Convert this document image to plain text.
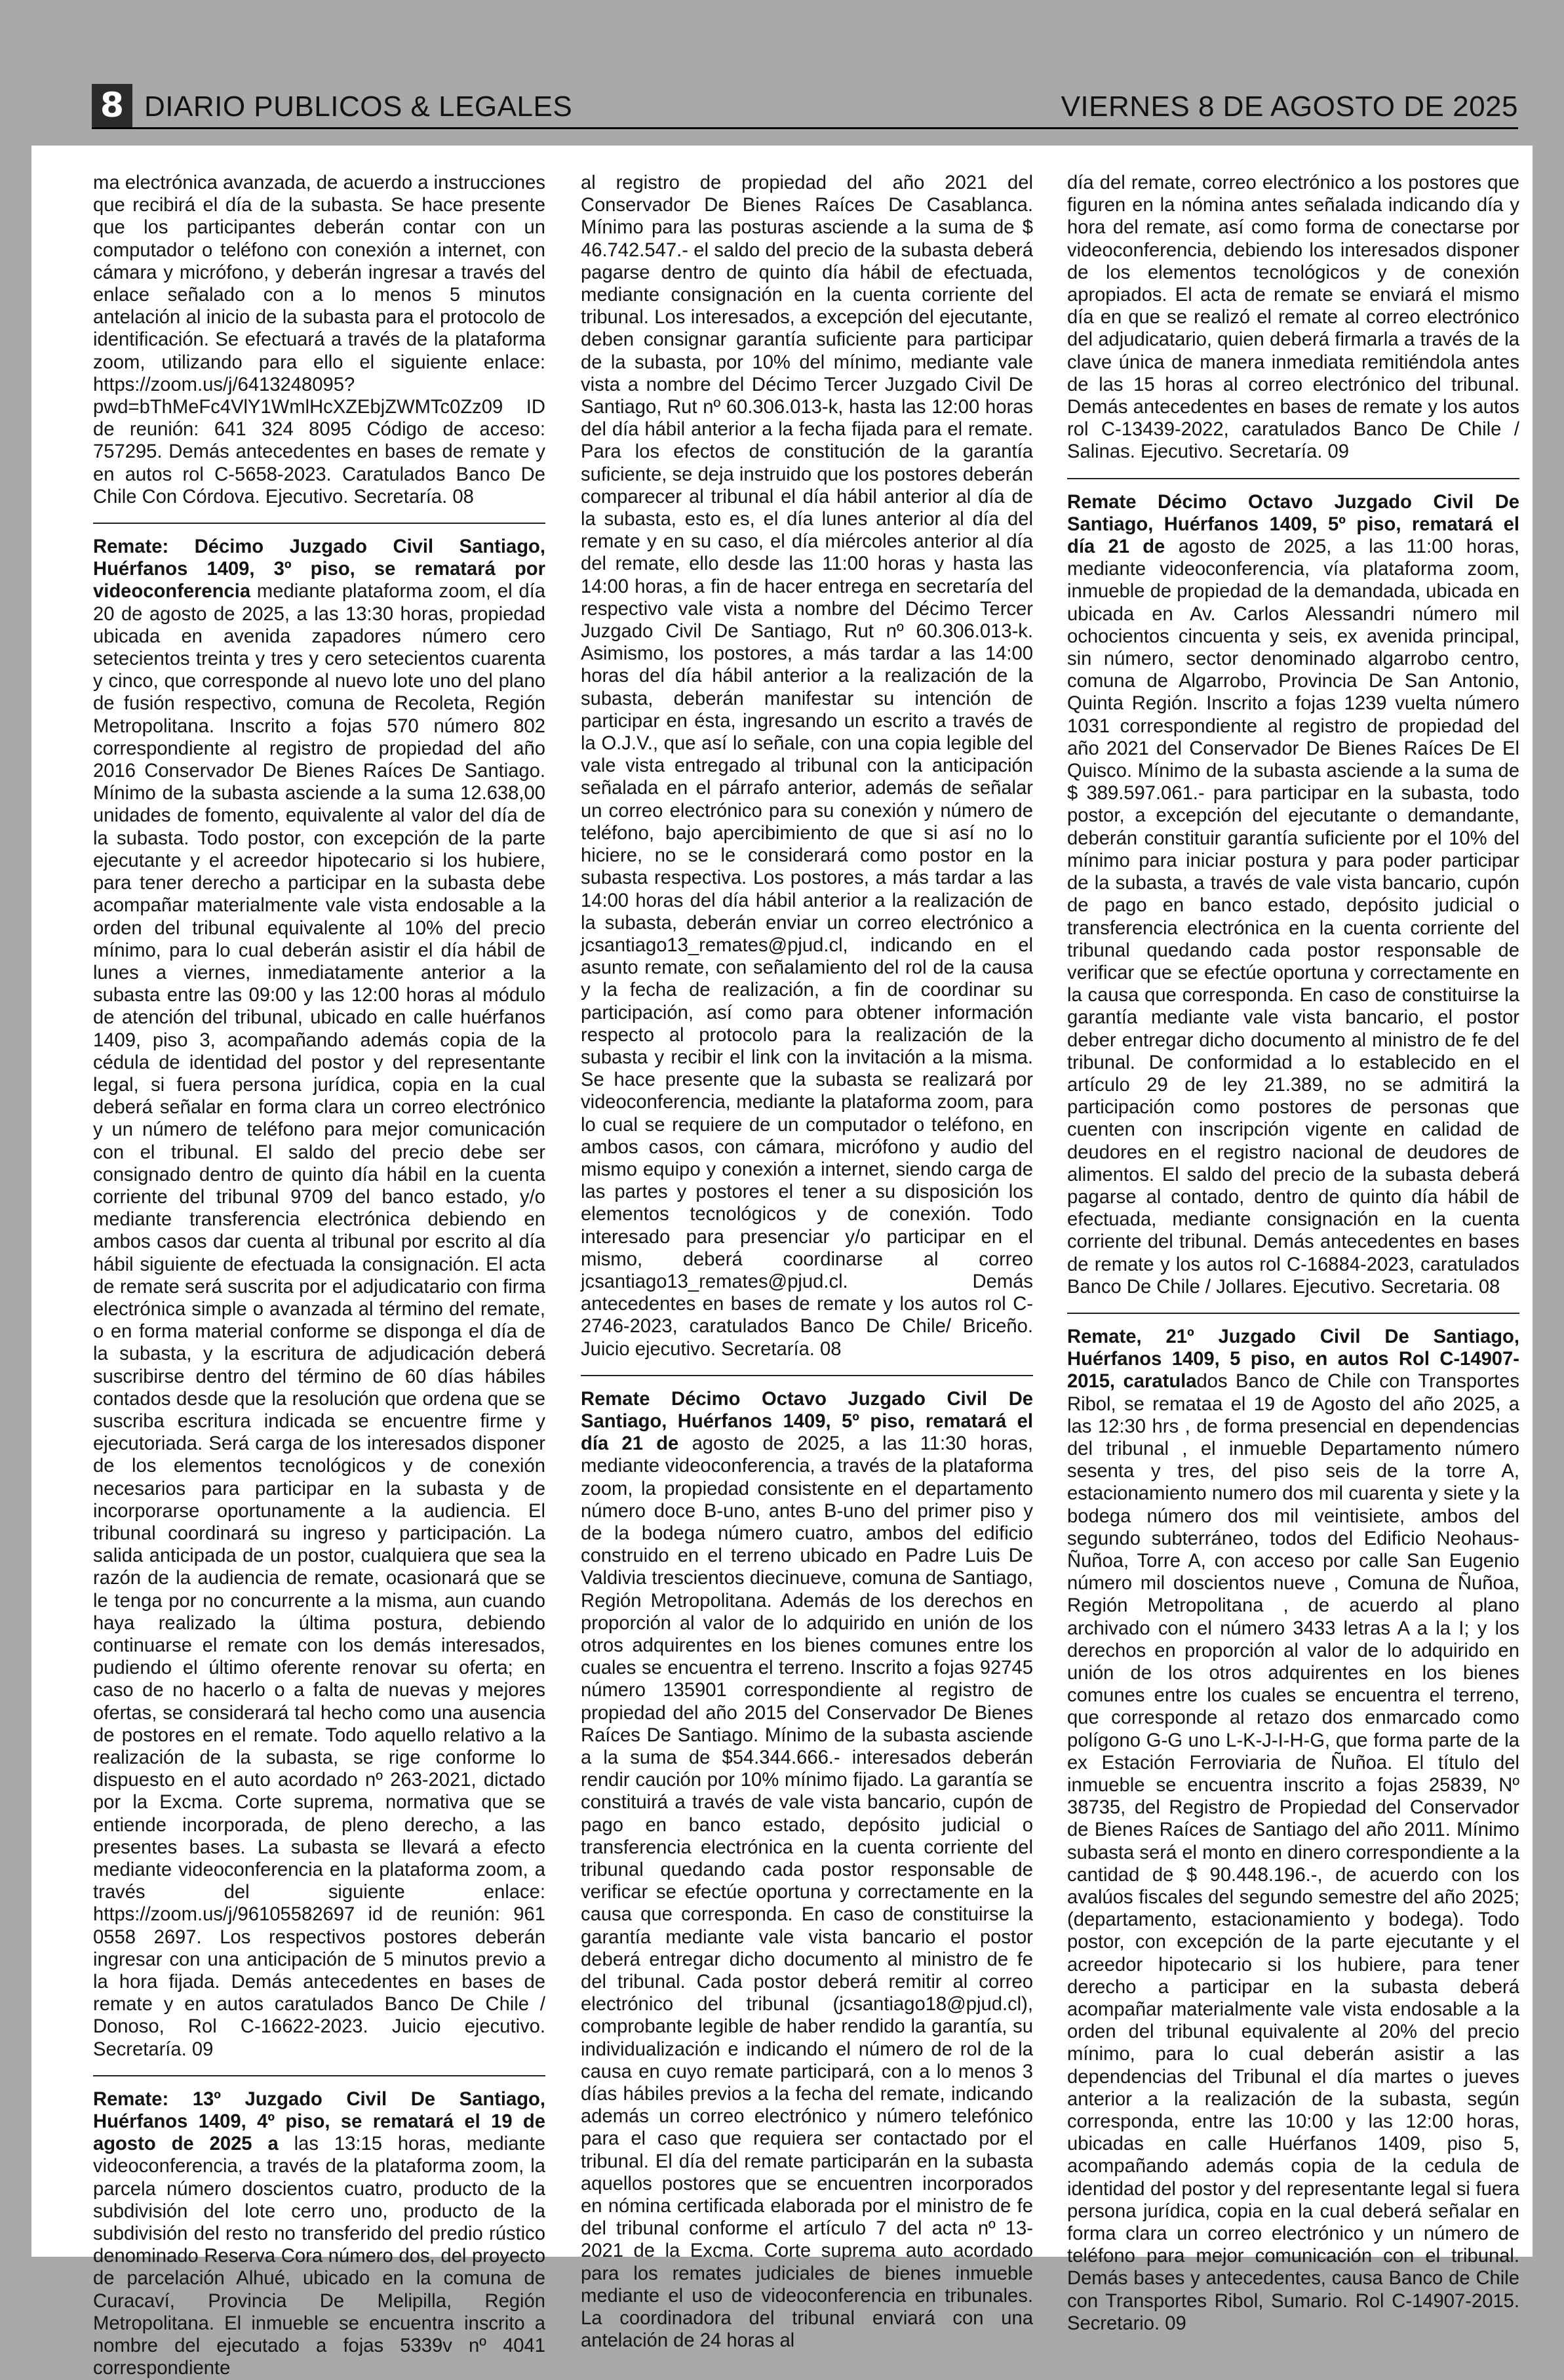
8 DIARIO PUBLICOS & LEGALES	VIERNES 8 DE AGOSTO DE 2025

ma electrónica avanzada, de acuerdo a instrucciones que recibirá el día de la subasta. Se hace presente que los participantes deberán contar con un computador o teléfono con conexión a internet, con cámara y micrófono, y deberán ingresar a través del enlace señalado con a lo menos 5 minutos antelación al inicio de la subasta para el protocolo de identificación. Se efectuará a través de la plataforma zoom, utilizando para ello el siguiente enlace: https://zoom.us/j/6413248095?pwd=bThMeFc4VlY1WmlHcXZEbjZWMTc0Zz09 ID de reunión: 641 324 8095 Código de acceso: 757295. Demás antecedentes en bases de remate y en autos rol C-5658-2023. Caratulados Banco De Chile Con Córdova. Ejecutivo. Secretaría. 08

Remate: Décimo Juzgado Civil Santiago, Huérfanos 1409, 3º piso, se rematará por videoconferencia mediante plataforma zoom, el día 20 de agosto de 2025, a las 13:30 horas, propiedad ubicada en avenida zapadores número cero setecientos treinta y tres y cero setecientos cuarenta y cinco, que corresponde al nuevo lote uno del plano de fusión respectivo, comuna de Recoleta, Región Metropolitana. Inscrito a fojas 570 número 802 correspondiente al registro de propiedad del año 2016 Conservador De Bienes Raíces De Santiago. Mínimo de la subasta asciende a la suma 12.638,00 unidades de fomento, equivalente al valor del día de la subasta. Todo postor, con excepción de la parte ejecutante y el acreedor hipotecario si los hubiere, para tener derecho a participar en la subasta debe acompañar materialmente vale vista endosable a la orden del tribunal equivalente al 10% del precio mínimo, para lo cual deberán asistir el día hábil de lunes a viernes, inmediatamente anterior a la subasta entre las 09:00 y las 12:00 horas al módulo de atención del tribunal, ubicado en calle huérfanos 1409, piso 3, acompañando además copia de la cédula de identidad del postor y del representante legal, si fuera persona jurídica, copia en la cual deberá señalar en forma clara un correo electrónico y un número de teléfono para mejor comunicación con el tribunal. El saldo del precio debe ser consignado dentro de quinto día hábil en la cuenta corriente del tribunal 9709 del banco estado, y/o mediante transferencia electrónica debiendo en ambos casos dar cuenta al tribunal por escrito al día hábil siguiente de efectuada la consignación. El acta de remate será suscrita por el adjudicatario con firma electrónica simple o avanzada al término del remate, o en forma material conforme se disponga el día de la subasta, y la escritura de adjudicación deberá suscribirse dentro del término de 60 días hábiles contados desde que la resolución que ordena que se suscriba escritura indicada se encuentre firme y ejecutoriada. Será carga de los interesados disponer de los elementos tecnológicos y de conexión necesarios para participar en la subasta y de incorporarse oportunamente a la audiencia. El tribunal coordinará su ingreso y participación. La salida anticipada de un postor, cualquiera que sea la razón de la audiencia de remate, ocasionará que se le tenga por no concurrente a la misma, aun cuando haya realizado la última postura, debiendo continuarse el remate con los demás interesados, pudiendo el último oferente renovar su oferta; en caso de no hacerlo o a falta de nuevas y mejores ofertas, se considerará tal hecho como una ausencia de postores en el remate. Todo aquello relativo a la realización de la subasta, se rige conforme lo dispuesto en el auto acordado nº 263-2021, dictado por la Excma. Corte suprema, normativa que se entiende incorporada, de pleno derecho, a las presentes bases. La subasta se llevará a efecto mediante videoconferencia en la plataforma zoom, a través del siguiente enlace: https://zoom.us/j/96105582697 id de reunión: 961 0558 2697. Los respectivos postores deberán ingresar con una anticipación de 5 minutos previo a la hora fijada. Demás antecedentes en bases de remate y en autos caratulados Banco De Chile / Donoso, Rol C-16622-2023. Juicio ejecutivo. Secretaría. 09

Remate: 13º Juzgado Civil De Santiago, Huérfanos 1409, 4º piso, se rematará el 19 de agosto de 2025 a las 13:15 horas, mediante videoconferencia, a través de la plataforma zoom, la parcela número doscientos cuatro, producto de la subdivisión del lote cerro uno, producto de la subdivisión del resto no transferido del predio rústico denominado Reserva Cora número dos, del proyecto de parcelación Alhué, ubicado en la comuna de Curacaví, Provincia De Melipilla, Región Metropolitana. El inmueble se encuentra inscrito a nombre del ejecutado a fojas 5339v nº 4041 correspondiente

al registro de propiedad del año 2021 del Conservador De Bienes Raíces De Casablanca. Mínimo para las posturas asciende a la suma de $ 46.742.547.- el saldo del precio de la subasta deberá pagarse dentro de quinto día hábil de efectuada, mediante consignación en la cuenta corriente del tribunal. Los interesados, a excepción del ejecutante, deben consignar garantía suficiente para participar de la subasta, por 10% del mínimo, mediante vale vista a nombre del Décimo Tercer Juzgado Civil De Santiago, Rut nº 60.306.013-k, hasta las 12:00 horas del día hábil anterior a la fecha fijada para el remate. Para los efectos de constitución de la garantía suficiente, se deja instruido que los postores deberán comparecer al tribunal el día hábil anterior al día de la subasta, esto es, el día lunes anterior al día del remate y en su caso, el día miércoles anterior al día del remate, ello desde las 11:00 horas y hasta las 14:00 horas, a fin de hacer entrega en secretaría del respectivo vale vista a nombre del Décimo Tercer Juzgado Civil De Santiago, Rut nº 60.306.013-k. Asimismo, los postores, a más tardar a las 14:00 horas del día hábil anterior a la realización de la subasta, deberán manifestar su intención de participar en ésta, ingresando un escrito a través de la O.J.V., que así lo señale, con una copia legible del vale vista entregado al tribunal con la anticipación señalada en el párrafo anterior, además de señalar un correo electrónico para su conexión y número de teléfono, bajo apercibimiento de que si así no lo hiciere, no se le considerará como postor en la subasta respectiva. Los postores, a más tardar a las 14:00 horas del día hábil anterior a la realización de la subasta, deberán enviar un correo electrónico a jcsantiago13_remates@pjud.cl, indicando en el asunto remate, con señalamiento del rol de la causa y la fecha de realización, a fin de coordinar su participación, así como para obtener información respecto al protocolo para la realización de la subasta y recibir el link con la invitación a la misma. Se hace presente que la subasta se realizará por videoconferencia, mediante la plataforma zoom, para lo cual se requiere de un computador o teléfono, en ambos casos, con cámara, micrófono y audio del mismo equipo y conexión a internet, siendo carga de las partes y postores el tener a su disposición los elementos tecnológicos y de conexión. Todo interesado para presenciar y/o participar en el mismo, deberá coordinarse al correo jcsantiago13_remates@pjud.cl. Demás antecedentes en bases de remate y los autos rol C-2746-2023, caratulados Banco De Chile/ Briceño. Juicio ejecutivo. Secretaría. 08

Remate Décimo Octavo Juzgado Civil De Santiago, Huérfanos 1409, 5º piso, rematará el día 21 de agosto de 2025, a las 11:30 horas, mediante videoconferencia, a través de la plataforma zoom, la propiedad consistente en el departamento número doce B-uno, antes B-uno del primer piso y de la bodega número cuatro, ambos del edificio construido en el terreno ubicado en Padre Luis De Valdivia trescientos diecinueve, comuna de Santiago, Región Metropolitana. Además de los derechos en proporción al valor de lo adquirido en unión de los otros adquirentes en los bienes comunes entre los cuales se encuentra el terreno. Inscrito a fojas 92745 número 135901 correspondiente al registro de propiedad del año 2015 del Conservador De Bienes Raíces De Santiago. Mínimo de la subasta asciende a la suma de $54.344.666.- interesados deberán rendir caución por 10% mínimo fijado. La garantía se constituirá a través de vale vista bancario, cupón de pago en banco estado, depósito judicial o transferencia electrónica en la cuenta corriente del tribunal quedando cada postor responsable de verificar se efectúe oportuna y correctamente en la causa que corresponda. En caso de constituirse la garantía mediante vale vista bancario el postor deberá entregar dicho documento al ministro de fe del tribunal. Cada postor deberá remitir al correo electrónico del tribunal (jcsantiago18@pjud.cl), comprobante legible de haber rendido la garantía, su individualización e indicando el número de rol de la causa en cuyo remate participará, con a lo menos 3 días hábiles previos a la fecha del remate, indicando además un correo electrónico y número telefónico para el caso que requiera ser contactado por el tribunal. El día del remate participarán en la subasta aquellos postores que se encuentren incorporados en nómina certificada elaborada por el ministro de fe del tribunal conforme el artículo 7 del acta nº 13-2021 de la Excma. Corte suprema auto acordado para los remates judiciales de bienes inmueble mediante el uso de videoconferencia en tribunales. La coordinadora del tribunal enviará con una antelación de 24 horas al

día del remate, correo electrónico a los postores que figuren en la nómina antes señalada indicando día y hora del remate, así como forma de conectarse por videoconferencia, debiendo los interesados disponer de los elementos tecnológicos y de conexión apropiados. El acta de remate se enviará el mismo día en que se realizó el remate al correo electrónico del adjudicatario, quien deberá firmarla a través de la clave única de manera inmediata remitiéndola antes de las 15 horas al correo electrónico del tribunal. Demás antecedentes en bases de remate y los autos rol C-13439-2022, caratulados Banco De Chile / Salinas. Ejecutivo. Secretaría. 09

Remate Décimo Octavo Juzgado Civil De Santiago, Huérfanos 1409, 5º piso, rematará el día 21 de agosto de 2025, a las 11:00 horas, mediante videoconferencia, vía plataforma zoom, inmueble de propiedad de la demandada, ubicada en ubicada en Av. Carlos Alessandri número mil ochocientos cincuenta y seis, ex avenida principal, sin número, sector denominado algarrobo centro, comuna de Algarrobo, Provincia De San Antonio, Quinta Región. Inscrito a fojas 1239 vuelta número 1031 correspondiente al registro de propiedad del año 2021 del Conservador De Bienes Raíces De El Quisco. Mínimo de la subasta asciende a la suma de $ 389.597.061.- para participar en la subasta, todo postor, a excepción del ejecutante o demandante, deberán constituir garantía suficiente por el 10% del mínimo para iniciar postura y para poder participar de la subasta, a través de vale vista bancario, cupón de pago en banco estado, depósito judicial o transferencia electrónica en la cuenta corriente del tribunal quedando cada postor responsable de verificar que se efectúe oportuna y correctamente en la causa que corresponda. En caso de constituirse la garantía mediante vale vista bancario, el postor deber entregar dicho documento al ministro de fe del tribunal. De conformidad a lo establecido en el artículo 29 de ley 21.389, no se admitirá la participación como postores de personas que cuenten con inscripción vigente en calidad de deudores en el registro nacional de deudores de alimentos. El saldo del precio de la subasta deberá pagarse al contado, dentro de quinto día hábil de efectuada, mediante consignación en la cuenta corriente del tribunal. Demás antecedentes en bases de remate y los autos rol C-16884-2023, caratulados Banco De Chile / Jollares. Ejecutivo. Secretaria. 08

Remate, 21º Juzgado Civil De Santiago, Huérfanos 1409, 5 piso, en autos Rol C-14907-2015, caratulados Banco de Chile con Transportes Ribol, se remataa el 19 de Agosto del año 2025, a las 12:30 hrs , de forma presencial en dependencias del tribunal , el inmueble Departamento número sesenta y tres, del piso seis de la torre A, estacionamiento numero dos mil cuarenta y siete y la bodega número dos mil veintisiete, ambos del segundo subterráneo, todos del Edificio Neohaus- Ñuñoa, Torre A, con acceso por calle San Eugenio número mil doscientos nueve , Comuna de Ñuñoa, Región Metropolitana , de acuerdo al plano archivado con el número 3433 letras A a la I; y los derechos en proporción al valor de lo adquirido en unión de los otros adquirentes en los bienes comunes entre los cuales se encuentra el terreno, que corresponde al retazo dos enmarcado como polígono G-G uno L-K-J-I-H-G, que forma parte de la ex Estación Ferroviaria de Ñuñoa. El título del inmueble se encuentra inscrito a fojas 25839, Nº 38735, del Registro de Propiedad del Conservador de Bienes Raíces de Santiago del año 2011. Mínimo subasta será el monto en dinero correspondiente a la cantidad de $ 90.448.196.-, de acuerdo con los avalúos fiscales del segundo semestre del año 2025; (departamento, estacionamiento y bodega). Todo postor, con excepción de la parte ejecutante y el acreedor hipotecario si los hubiere, para tener derecho a participar en la subasta deberá acompañar materialmente vale vista endosable a la orden del tribunal equivalente al 20% del precio mínimo, para lo cual deberán asistir a las dependencias del Tribunal el día martes o jueves anterior a la realización de la subasta, según corresponda, entre las 10:00 y las 12:00 horas, ubicadas en calle Huérfanos 1409, piso 5, acompañando además copia de la cedula de identidad del postor y del representante legal si fuera persona jurídica, copia en la cual deberá señalar en forma clara un correo electrónico y un número de teléfono para mejor comunicación con el tribunal. Demás bases y antecedentes, causa Banco de Chile con Transportes Ribol, Sumario. Rol C-14907-2015. Secretario. 09
